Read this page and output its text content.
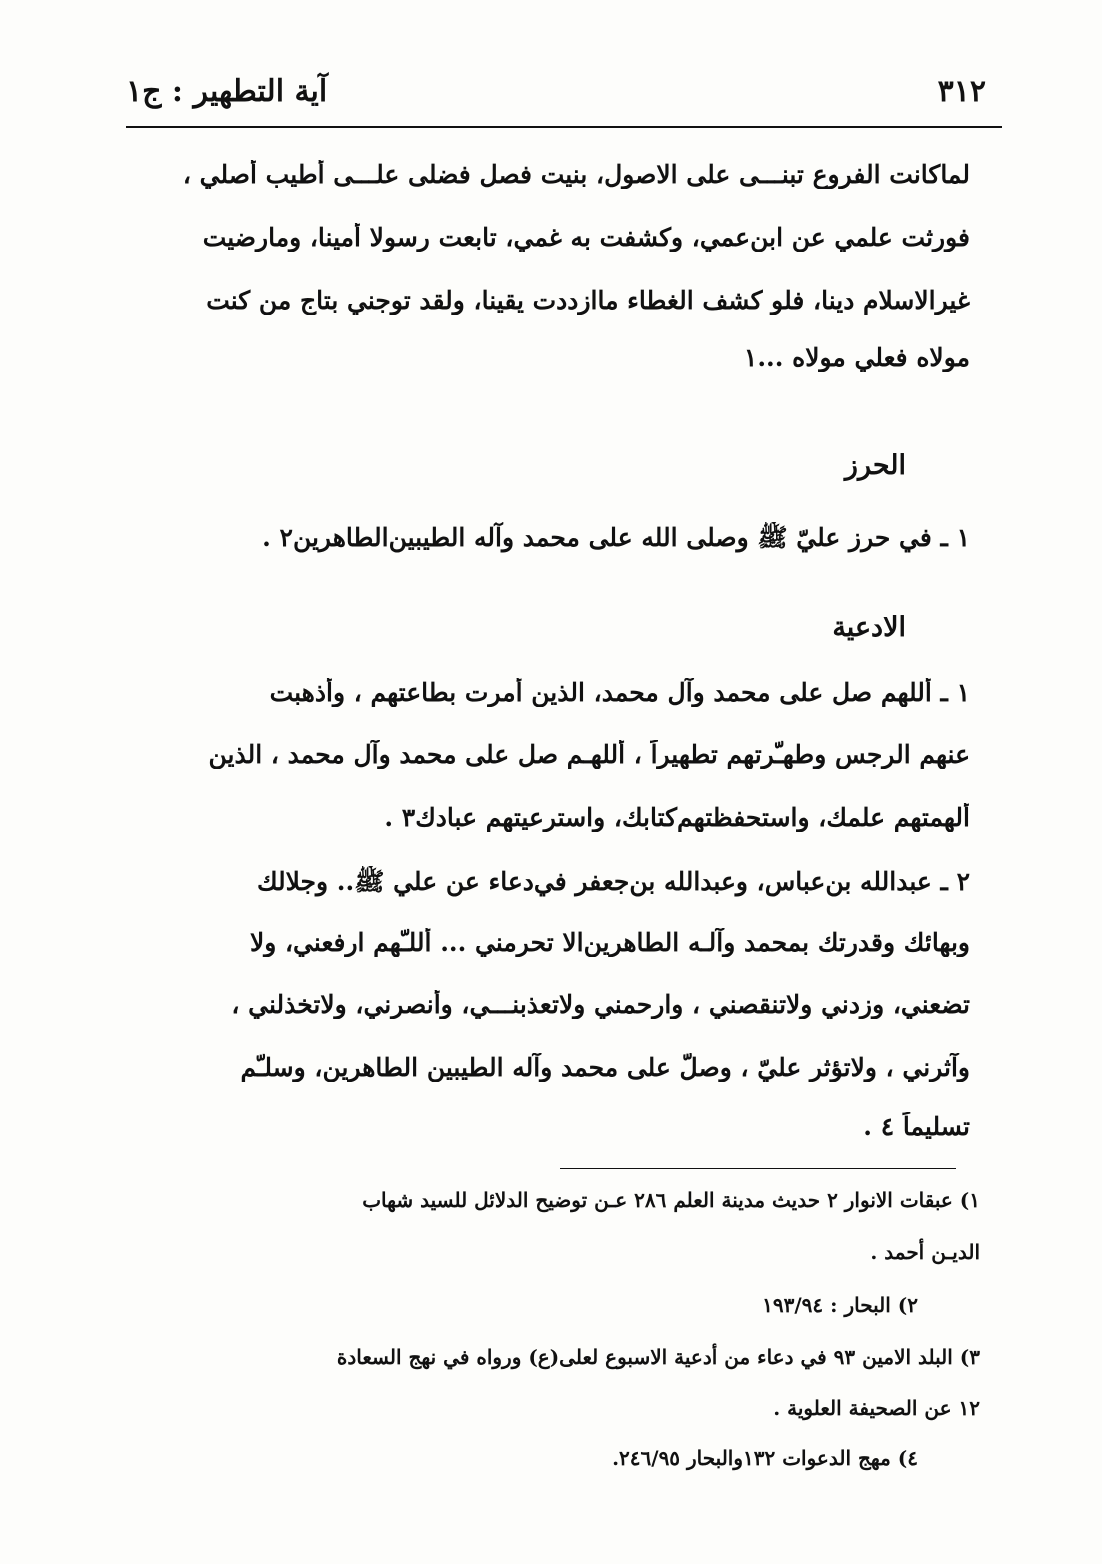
٣١٢
آية التطهير : ج١
لماكانت الفروع تبنـــى على الاصول، بنيت فصل فضلى علـــى أطيب أصلي ،
فورثت علمي عن ابن‌عمي، وكشفت به غمي، تابعت رسولا أمينا، ومارضيت
غيرالاسلام دينا، فلو كشف الغطاء ماازددت يقينا، ولقد توجني بتاج من كنت
مولاه فعلي مولاه ...١
الحرز
١ ـ في حرز عليّ ﷺ وصلى الله على محمد وآله الطيبين‌الطاهرين٢ .
الادعية
١ ـ أللهم صل على محمد وآل محمد، الذين أمرت بطاعتهم ، وأذهبت
عنهم الرجس وطهـّرتهم تطهيراً ، أللهـم صل على محمد وآل محمد ، الذين
ألهمتهم علمك، واستحفظتهم‌كتابك، واسترعيتهم عبادك٣ .
٢ ـ عبدالله بن‌عباس، وعبدالله بن‌جعفر في‌دعاء عن علي ﷺ.. وجلالك
وبهائك وقدرتك بمحمد وآلـه الطاهرين‌الا تحرمني ... أللـّهم ارفعني، ولا
تضعني، وزدني ولاتنقصني ، وارحمني ولاتعذبنـــي، وأنصرني، ولاتخذلني ،
وآثرني ، ولاتؤثر عليّ ، وصلّ على محمد وآله الطيبين الطاهرين، وسلـّم
تسليماً ٤ .
١) عبقات الانوار ٢ حديث مدينة العلم ٢٨٦ عـن توضيح الدلائل للسيد شهاب
الديـن أحمد .
٢) البحار : ١٩٣/٩٤
٣) البلد الامين ٩٣ في دعاء من أدعية الاسبوع لعلى(ع) ورواه في نهج السعادة
١٢ عن الصحيفة العلوية .
٤) مهج الدعوات ١٣٢والبحار ٢٤٦/٩٥.
